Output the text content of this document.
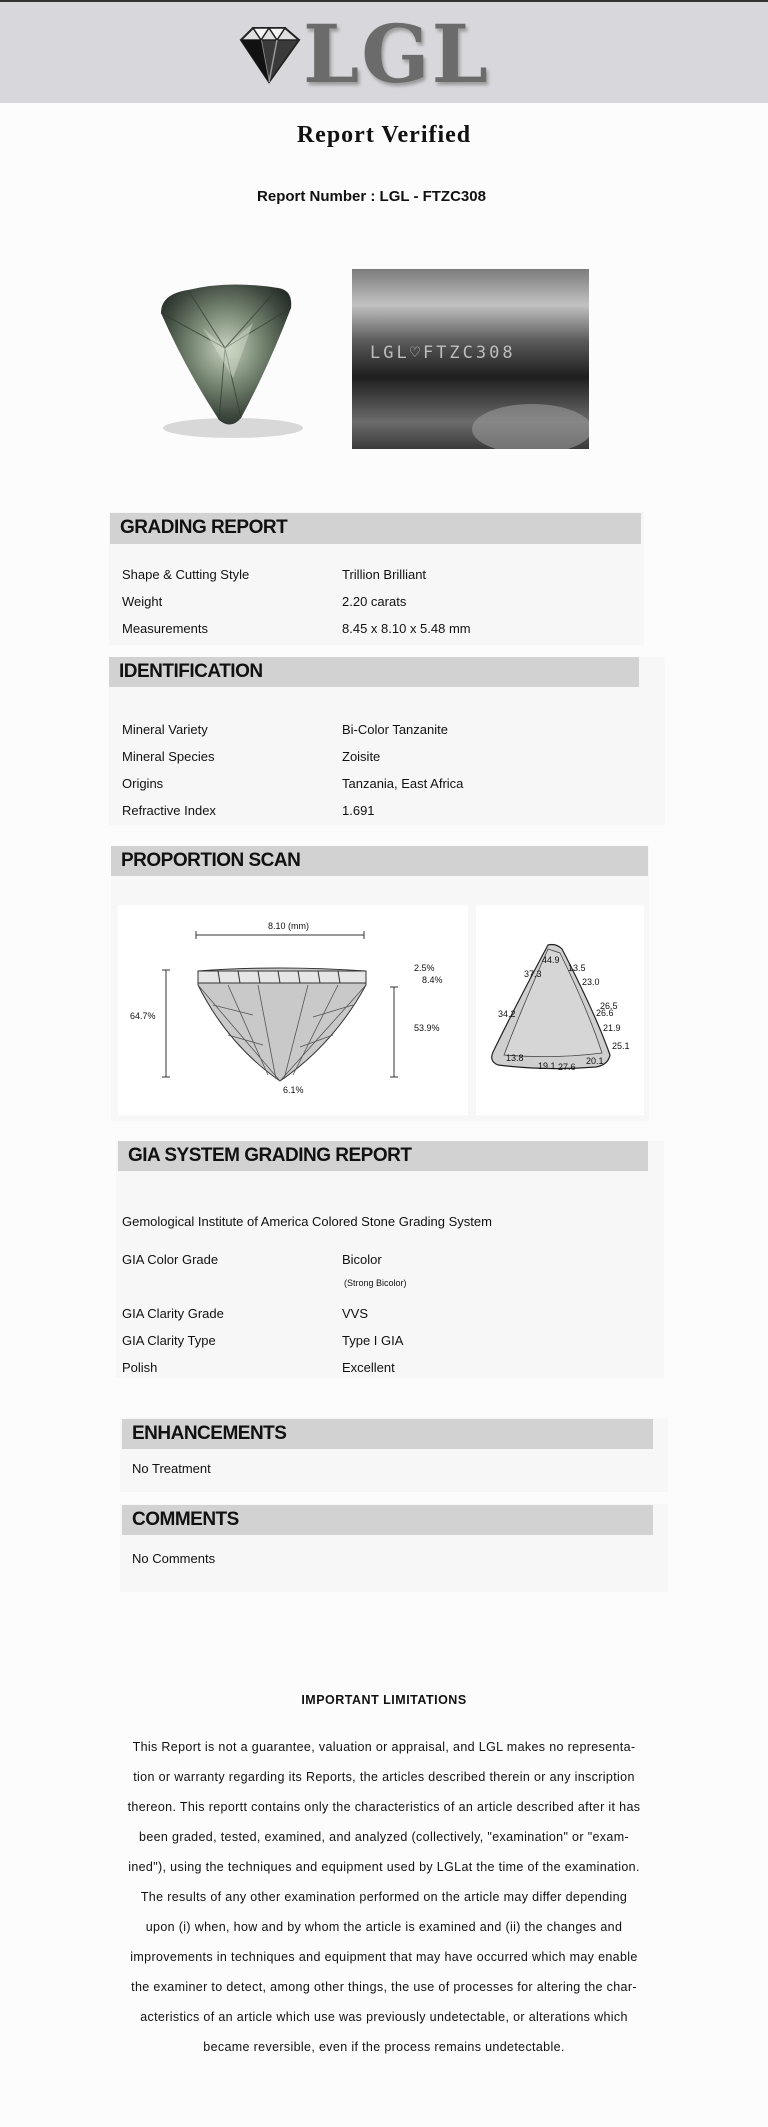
LGL
Report Verified
Report Number : LGL - FTZC308
LGL♡FTZC308
GRADING REPORT
Shape & Cutting Style	Trillion Brilliant
Weight	2.20 carats
Measurements	8.45 x 8.10 x 5.48 mm
IDENTIFICATION
Mineral Variety	Bi-Color Tanzanite
Mineral Species	Zoisite
Origins	Tanzania, East Africa
Refractive Index	1.691
PROPORTION SCAN
8.10 (mm)
64.7%
2.5%
8.4%
53.9%
6.1%
44.9
37.3
13.5
23.0
26.5
26.6
34.2
21.9
25.1
13.8
19.1 27.6
20.1
GIA SYSTEM GRADING REPORT
Gemological Institute of America Colored Stone Grading System
GIA Color Grade	Bicolor
(Strong Bicolor)
GIA Clarity Grade	VVS
GIA Clarity Type	Type I GIA
Polish	Excellent
ENHANCEMENTS
No Treatment
COMMENTS
No Comments
IMPORTANT LIMITATIONS
This Report is not a guarantee, valuation or appraisal, and LGL makes no representa-
tion or warranty regarding its Reports, the articles described therein or any inscription
thereon. This reportt contains only the characteristics of an article described after it has
been graded, tested, examined, and analyzed (collectively, "examination" or "exam-
ined"), using the techniques and equipment used by LGLat the time of the examination.
The results of any other examination performed on the article may differ depending
upon (i) when, how and by whom the article is examined and (ii) the changes and
improvements in techniques and equipment that may have occurred which may enable
the examiner to detect, among other things, the use of processes for altering the char-
acteristics of an article which use was previously undetectable, or alterations which
became reversible, even if the process remains undetectable.
